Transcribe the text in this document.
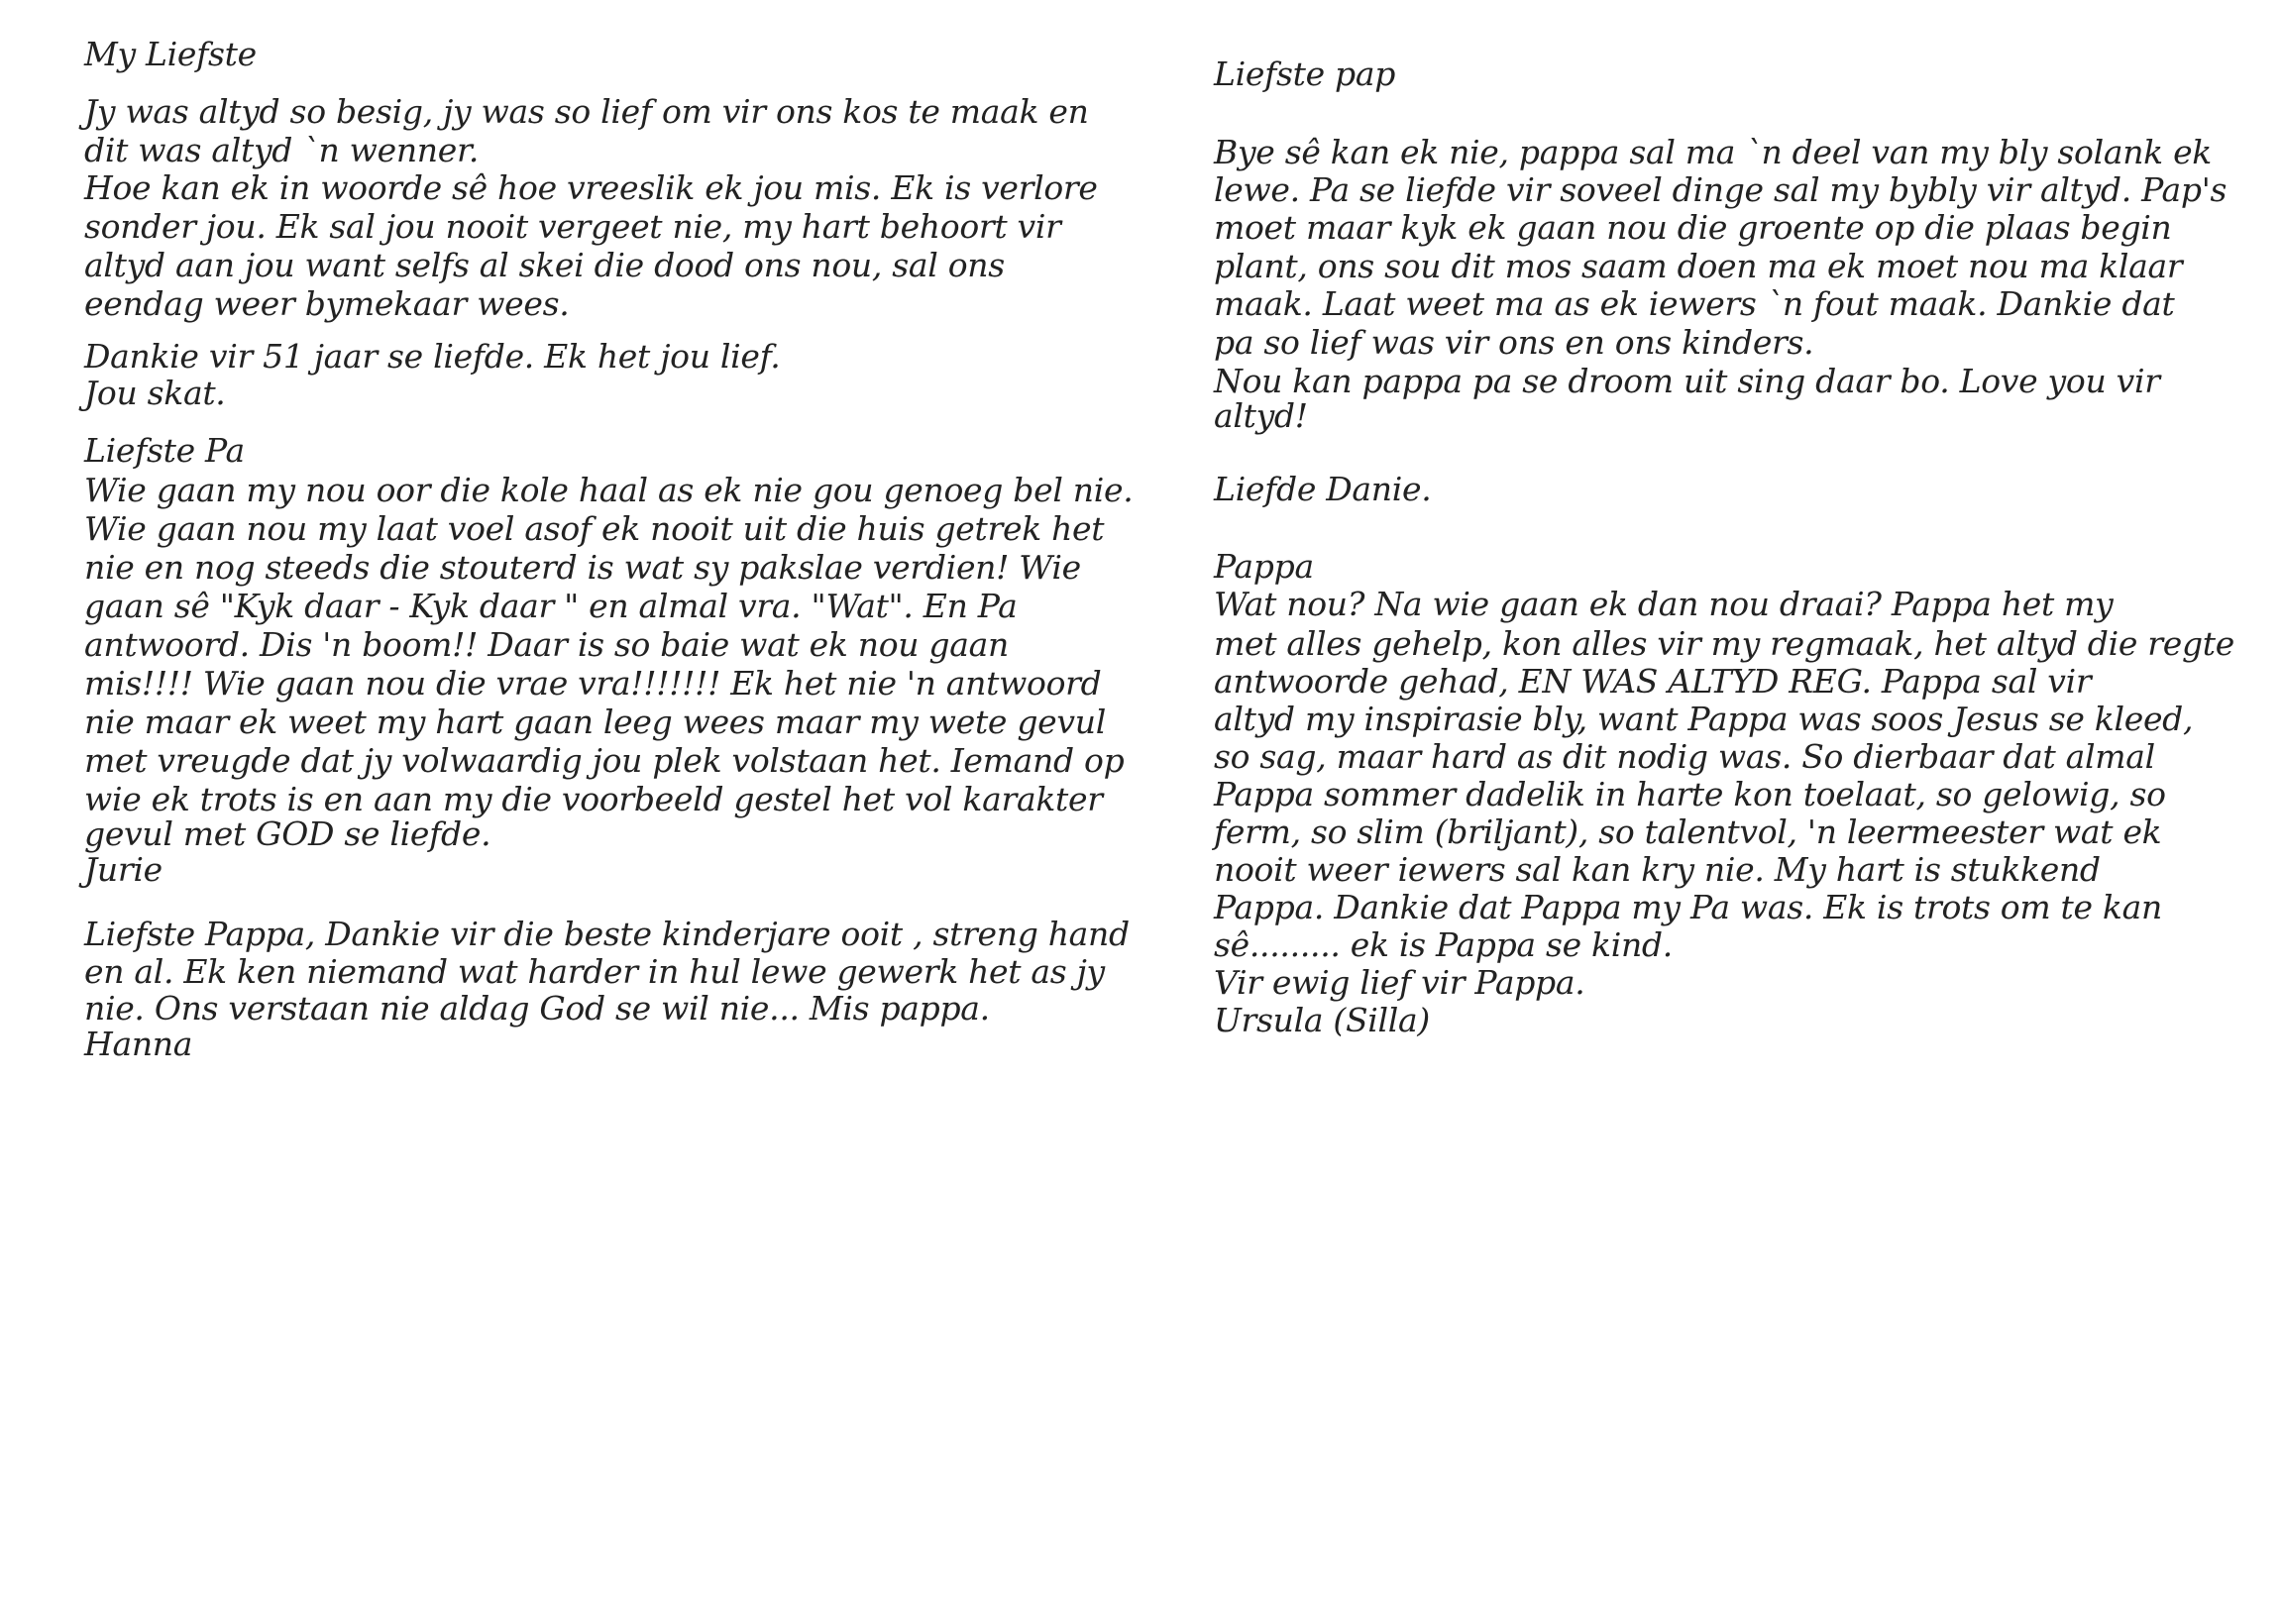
My Liefste
Jy was altyd so besig, jy was so lief om vir ons kos te maak en
dit was altyd `n wenner.
Hoe kan ek in woorde sê hoe vreeslik ek jou mis. Ek is verlore
sonder jou. Ek sal jou nooit vergeet nie, my hart behoort vir
altyd aan jou want selfs al skei die dood ons nou, sal ons
eendag weer bymekaar wees.
Dankie vir 51 jaar se liefde. Ek het jou lief.
Jou skat.
Liefste Pa
Wie gaan my nou oor die kole haal as ek nie gou genoeg bel nie.
Wie gaan nou my laat voel asof ek nooit uit die huis getrek het
nie en nog steeds die stouterd is wat sy pakslae verdien! Wie
gaan sê "Kyk daar - Kyk daar " en almal vra. "Wat". En Pa
antwoord. Dis 'n boom!! Daar is so baie wat ek nou gaan
mis!!!! Wie gaan nou die vrae vra!!!!!!! Ek het nie 'n antwoord
nie maar ek weet my hart gaan leeg wees maar my wete gevul
met vreugde dat jy volwaardig jou plek volstaan het. Iemand op
wie ek trots is en aan my die voorbeeld gestel het vol karakter
gevul met GOD se liefde.
Jurie
Liefste Pappa, Dankie vir die beste kinderjare ooit , streng hand
en al. Ek ken niemand wat harder in hul lewe gewerk het as jy
nie. Ons verstaan nie aldag God se wil nie... Mis pappa.
Hanna
Liefste pap
Bye sê kan ek nie, pappa sal ma `n deel van my bly solank ek
lewe. Pa se liefde vir soveel dinge sal my bybly vir altyd. Pap's
moet maar kyk ek gaan nou die groente op die plaas begin
plant, ons sou dit mos saam doen ma ek moet nou ma klaar
maak. Laat weet ma as ek iewers `n fout maak. Dankie dat
pa so lief was vir ons en ons kinders.
Nou kan pappa pa se droom uit sing daar bo. Love you vir
altyd!
Liefde Danie.
Pappa
Wat nou? Na wie gaan ek dan nou draai? Pappa het my
met alles gehelp, kon alles vir my regmaak, het altyd die regte
antwoorde gehad, EN WAS ALTYD REG. Pappa sal vir
altyd my inspirasie bly, want Pappa was soos Jesus se kleed,
so sag, maar hard as dit nodig was. So dierbaar dat almal
Pappa sommer dadelik in harte kon toelaat, so gelowig, so
ferm, so slim (briljant), so talentvol, 'n leermeester wat ek
nooit weer iewers sal kan kry nie. My hart is stukkend
Pappa. Dankie dat Pappa my Pa was. Ek is trots om te kan
sê......... ek is Pappa se kind.
Vir ewig lief vir Pappa.
Ursula (Silla)
